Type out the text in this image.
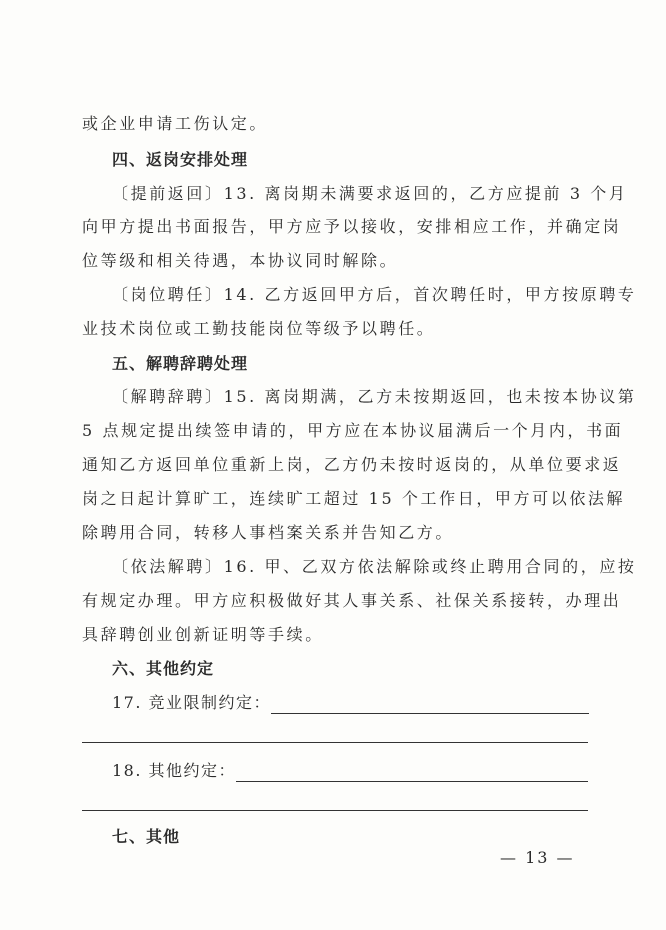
或企业申请工伤认定。
四、返岗安排处理
〔提前返回〕13. 离岗期未满要求返回的，乙方应提前 3 个月
向甲方提出书面报告，甲方应予以接收，安排相应工作，并确定岗
位等级和相关待遇，本协议同时解除。
〔岗位聘任〕14. 乙方返回甲方后，首次聘任时，甲方按原聘专
业技术岗位或工勤技能岗位等级予以聘任。
五、解聘辞聘处理
〔解聘辞聘〕15. 离岗期满，乙方未按期返回，也未按本协议第
5 点规定提出续签申请的，甲方应在本协议届满后一个月内，书面
通知乙方返回单位重新上岗，乙方仍未按时返岗的，从单位要求返
岗之日起计算旷工，连续旷工超过 15 个工作日，甲方可以依法解
除聘用合同，转移人事档案关系并告知乙方。
〔依法解聘〕16. 甲、乙双方依法解除或终止聘用合同的，应按
有规定办理。甲方应积极做好其人事关系、社保关系接转，办理出
具辞聘创业创新证明等手续。
六、其他约定
17. 竞业限制约定：
18. 其他约定：
七、其他
— 13 —
